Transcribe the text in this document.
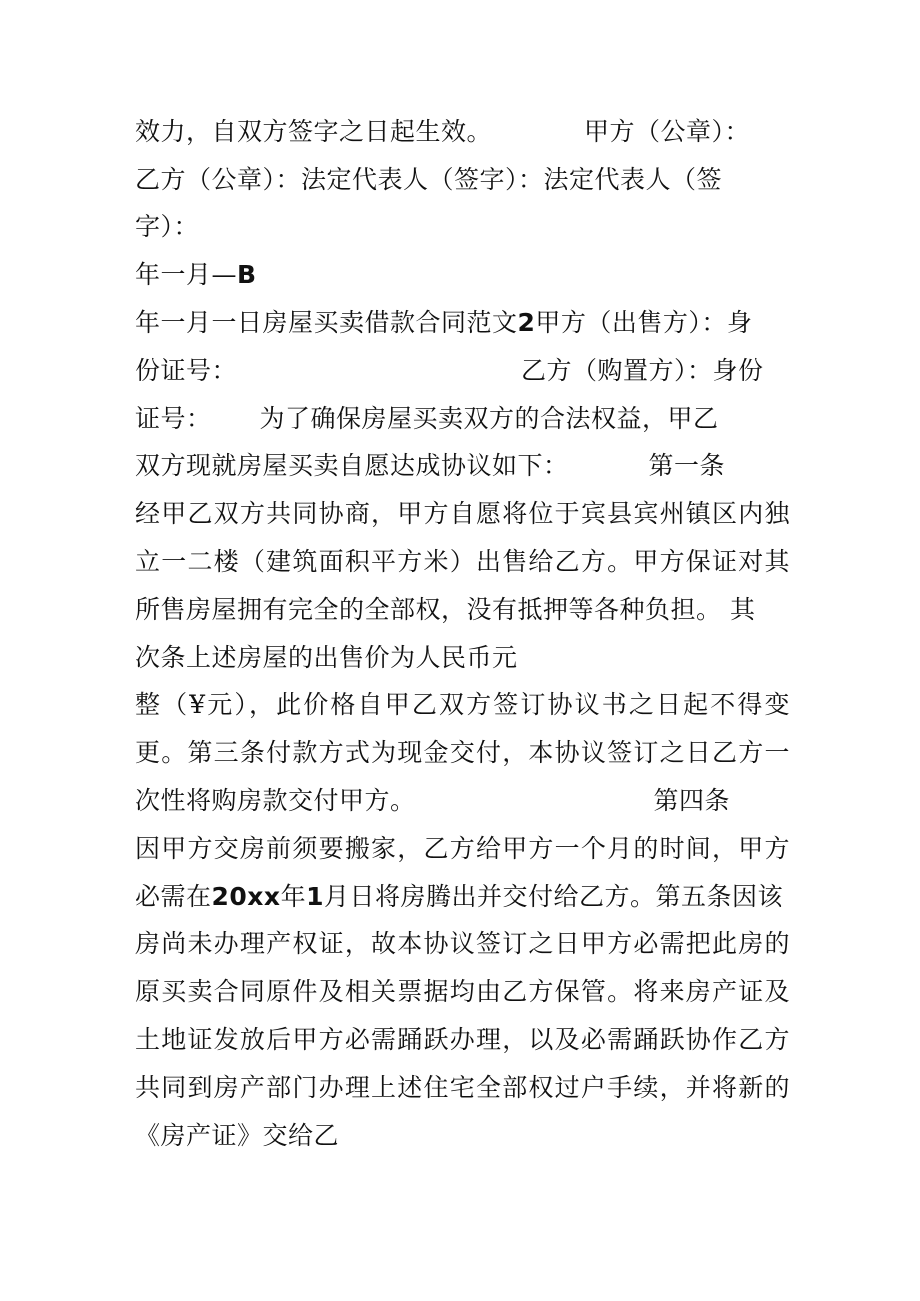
效力，自双方签字之日起生效。	甲方（公章）：
乙方（公章）：法定代表人（签字）：法定代表人（签
字）：
年一月—B
年一月一日房屋买卖借款合同范文2甲方（出售方）：身
份证号：	乙方（购置方）：身份
证号： 为了确保房屋买卖双方的合法权益，甲乙
双方现就房屋买卖自愿达成协议如下：	第一条
经甲乙双方共同协商，甲方自愿将位于宾县宾州镇区内独
立一二楼（建筑面积平方米）出售给乙方。甲方保证对其
所售房屋拥有完全的全部权，没有抵押等各种负担。 其
次条上述房屋的出售价为人民币元
整（¥元），此价格自甲乙双方签订协议书之日起不得变
更。第三条付款方式为现金交付，本协议签订之日乙方一
次性将购房款交付甲方。	第四条
因甲方交房前须要搬家，乙方给甲方一个月的时间，甲方
必需在20xx年1月日将房腾出并交付给乙方。第五条因该
房尚未办理产权证，故本协议签订之日甲方必需把此房的
原买卖合同原件及相关票据均由乙方保管。将来房产证及
土地证发放后甲方必需踊跃办理，以及必需踊跃协作乙方
共同到房产部门办理上述住宅全部权过户手续，并将新的
《房产证》交给乙
